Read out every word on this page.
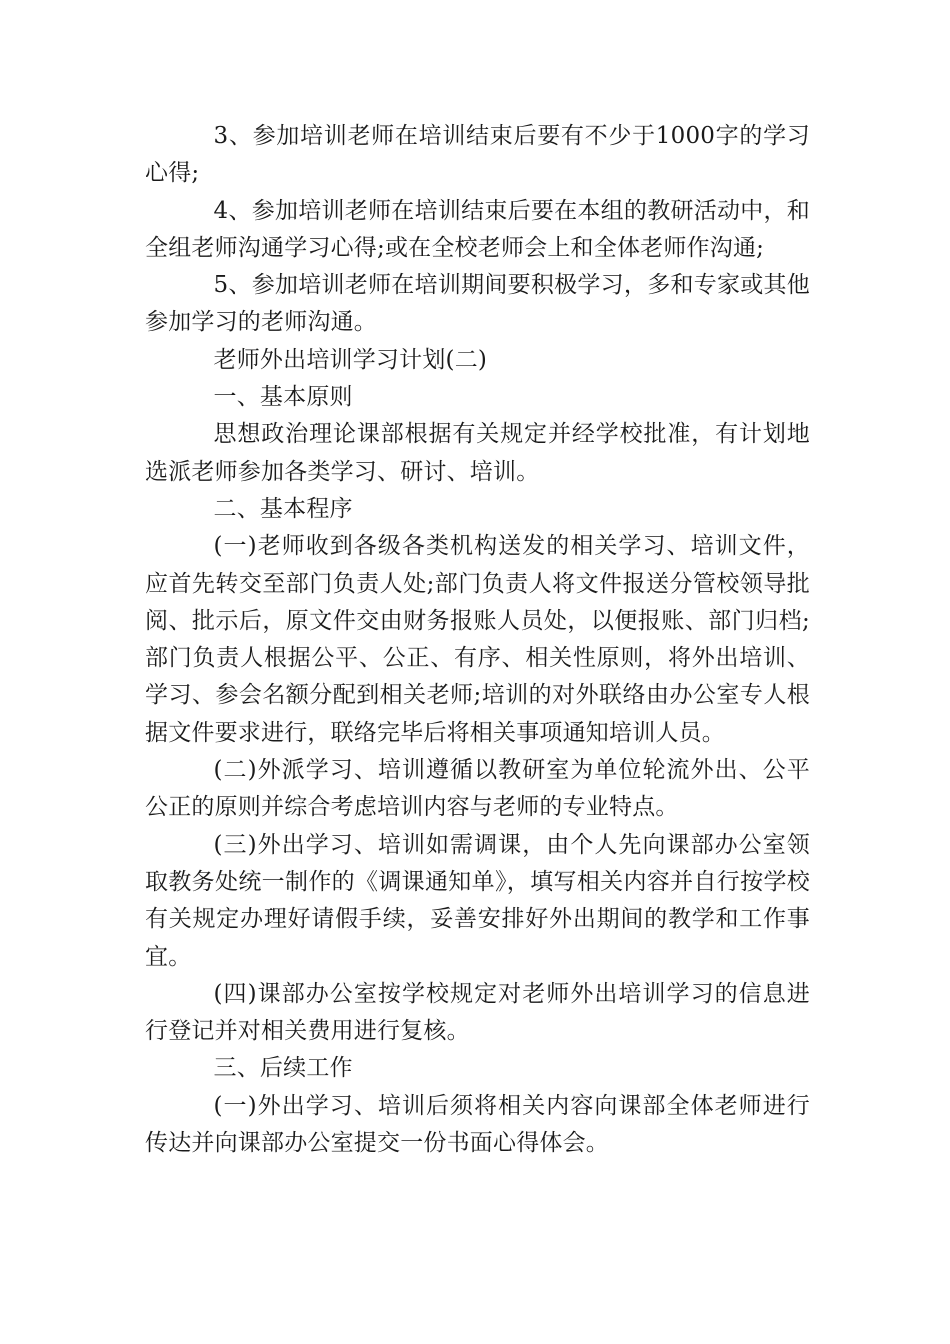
3、参加培训老师在培训结束后要有不少于1000字的学习心得;

4、参加培训老师在培训结束后要在本组的教研活动中，和全组老师沟通学习心得;或在全校老师会上和全体老师作沟通;

5、参加培训老师在培训期间要积极学习，多和专家或其他参加学习的老师沟通。

老师外出培训学习计划(二)

一、基本原则

思想政治理论课部根据有关规定并经学校批准，有计划地选派老师参加各类学习、研讨、培训。

二、基本程序

(一)老师收到各级各类机构送发的相关学习、培训文件，应首先转交至部门负责人处;部门负责人将文件报送分管校领导批阅、批示后，原文件交由财务报账人员处，以便报账、部门归档;部门负责人根据公平、公正、有序、相关性原则，将外出培训、学习、参会名额分配到相关老师;培训的对外联络由办公室专人根据文件要求进行，联络完毕后将相关事项通知培训人员。

(二)外派学习、培训遵循以教研室为单位轮流外出、公平公正的原则并综合考虑培训内容与老师的专业特点。

(三)外出学习、培训如需调课，由个人先向课部办公室领取教务处统一制作的《调课通知单》，填写相关内容并自行按学校有关规定办理好请假手续，妥善安排好外出期间的教学和工作事宜。

(四)课部办公室按学校规定对老师外出培训学习的信息进行登记并对相关费用进行复核。

三、后续工作

(一)外出学习、培训后须将相关内容向课部全体老师进行传达并向课部办公室提交一份书面心得体会。
